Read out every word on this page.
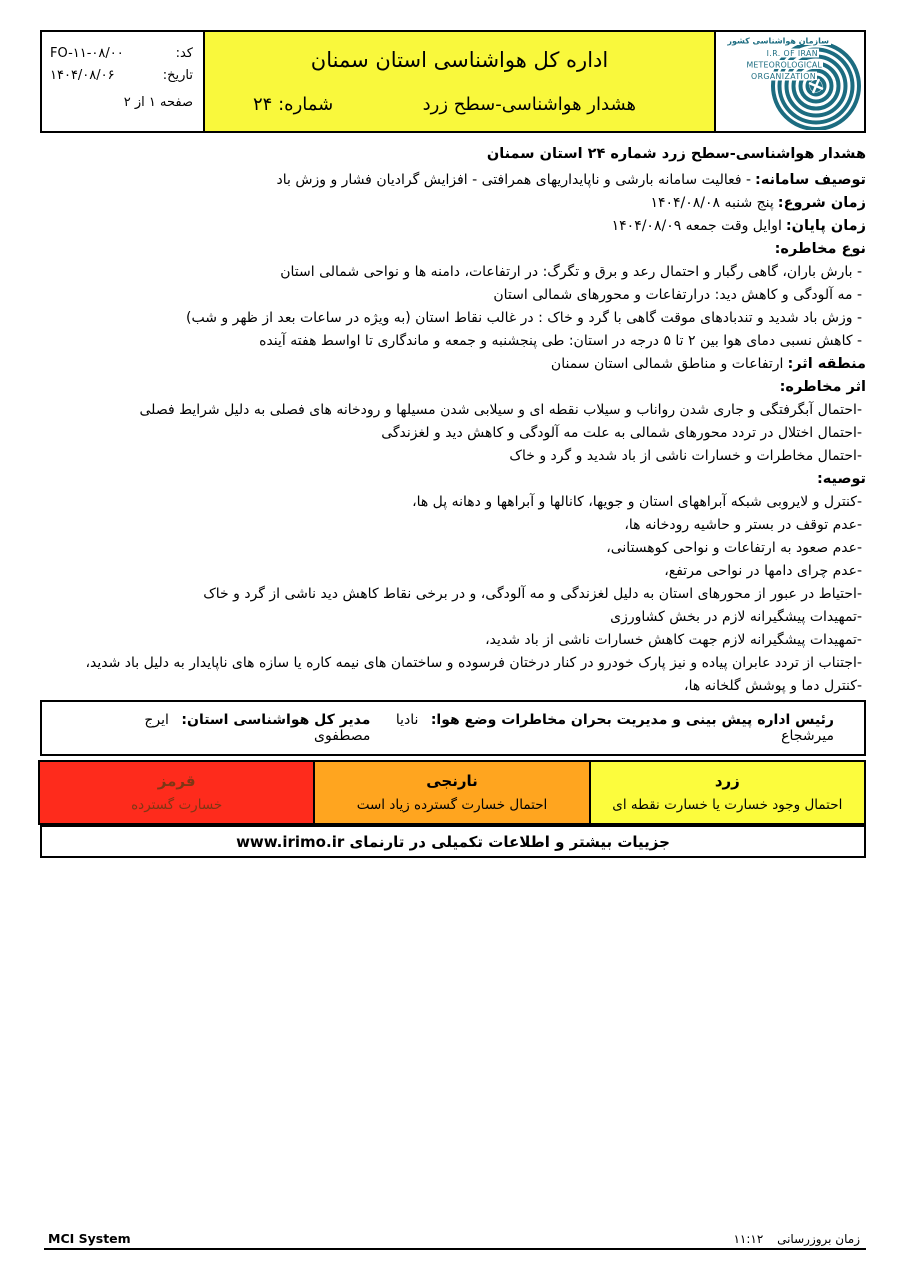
کد:
FO-۱۱-۰۸/۰۰
تاریخ:
۱۴۰۴/۰۸/۰۶
صفحه ۱ از ۲
اداره کل هواشناسی استان سمنان
هشدار هواشناسی-سطح زرد
شماره: ۲۴
سازمان هواشناسی کشور
I.R. OF IRAN
METEOROLOGICAL
ORGANIZATION
هشدار هواشناسی-سطح زرد شماره ۲۴ استان سمنان
توصیف سامانه:- فعالیت سامانه بارشی و ناپایداریهای همرافتی - افزایش گرادیان فشار و وزش باد
زمان شروع:پنج شنبه ۱۴۰۴/۰۸/۰۸
زمان پایان:اوایل وقت جمعه ۱۴۰۴/۰۸/۰۹
نوع مخاطره:
- بارش باران، گاهی رگبار و احتمال رعد و برق و تگرگ: در ارتفاعات، دامنه ها و نواحی شمالی استان
- مه آلودگی و کاهش دید: درارتفاعات و محورهای شمالی استان
- وزش باد شدید و تندبادهای موقت گاهی با گرد و خاک : در غالب نقاط استان (به ویژه در ساعات بعد از ظهر و شب)
- کاهش نسبی دمای هوا بین ۲ تا ۵ درجه در استان: طی پنجشنبه و جمعه و ماندگاری تا اواسط هفته آینده
منطقه اثر:ارتفاعات و مناطق شمالی استان سمنان
اثر مخاطره:
-احتمال آبگرفتگی و جاری شدن رواناب و سیلاب نقطه ای و سیلابی شدن مسیلها و رودخانه های فصلی به دلیل شرایط فصلی
-احتمال اختلال در تردد محورهای شمالی به علت مه آلودگی و کاهش دید و لغزندگی
-احتمال مخاطرات و خسارات ناشی از باد شدید و گرد و خاک
توصیه:
-کنترل و لایروبی شبکه آبراههای استان و جویها، کانالها و آبراهها و دهانه پل ها،
-عدم توقف در بستر و حاشیه رودخانه ها،
-عدم صعود به ارتفاعات و نواحی کوهستانی،
-عدم چرای دامها در نواحی مرتفع،
-احتیاط در عبور از محورهای استان به دلیل لغزندگی و مه آلودگی، و در برخی نقاط کاهش دید ناشی از گرد و خاک
-تمهیدات پیشگیرانه لازم در بخش کشاورزی
-تمهیدات پیشگیرانه لازم جهت کاهش خسارات ناشی از باد شدید،
-اجتناب از تردد عابران پیاده و نیز پارک خودرو در کنار درختان فرسوده و ساختمان های نیمه کاره یا سازه های ناپایدار به دلیل باد شدید،
-کنترل دما و پوشش گلخانه ها،
رئیس اداره پیش بینی و مدیریت بحران مخاطرات وضع هوا: نادیا میرشجاع
مدیر کل هواشناسی استان: ایرج مصطفوی
قرمز
خسارت گسترده
نارنجی
احتمال خسارت گسترده زیاد است
زرد
احتمال وجود خسارت یا خسارت نقطه ای
جزییات بیشتر و اطلاعات تکمیلی در تارنمای www.irimo.ir
MCI System	زمان بروزرسانی ۱۱:۱۲
